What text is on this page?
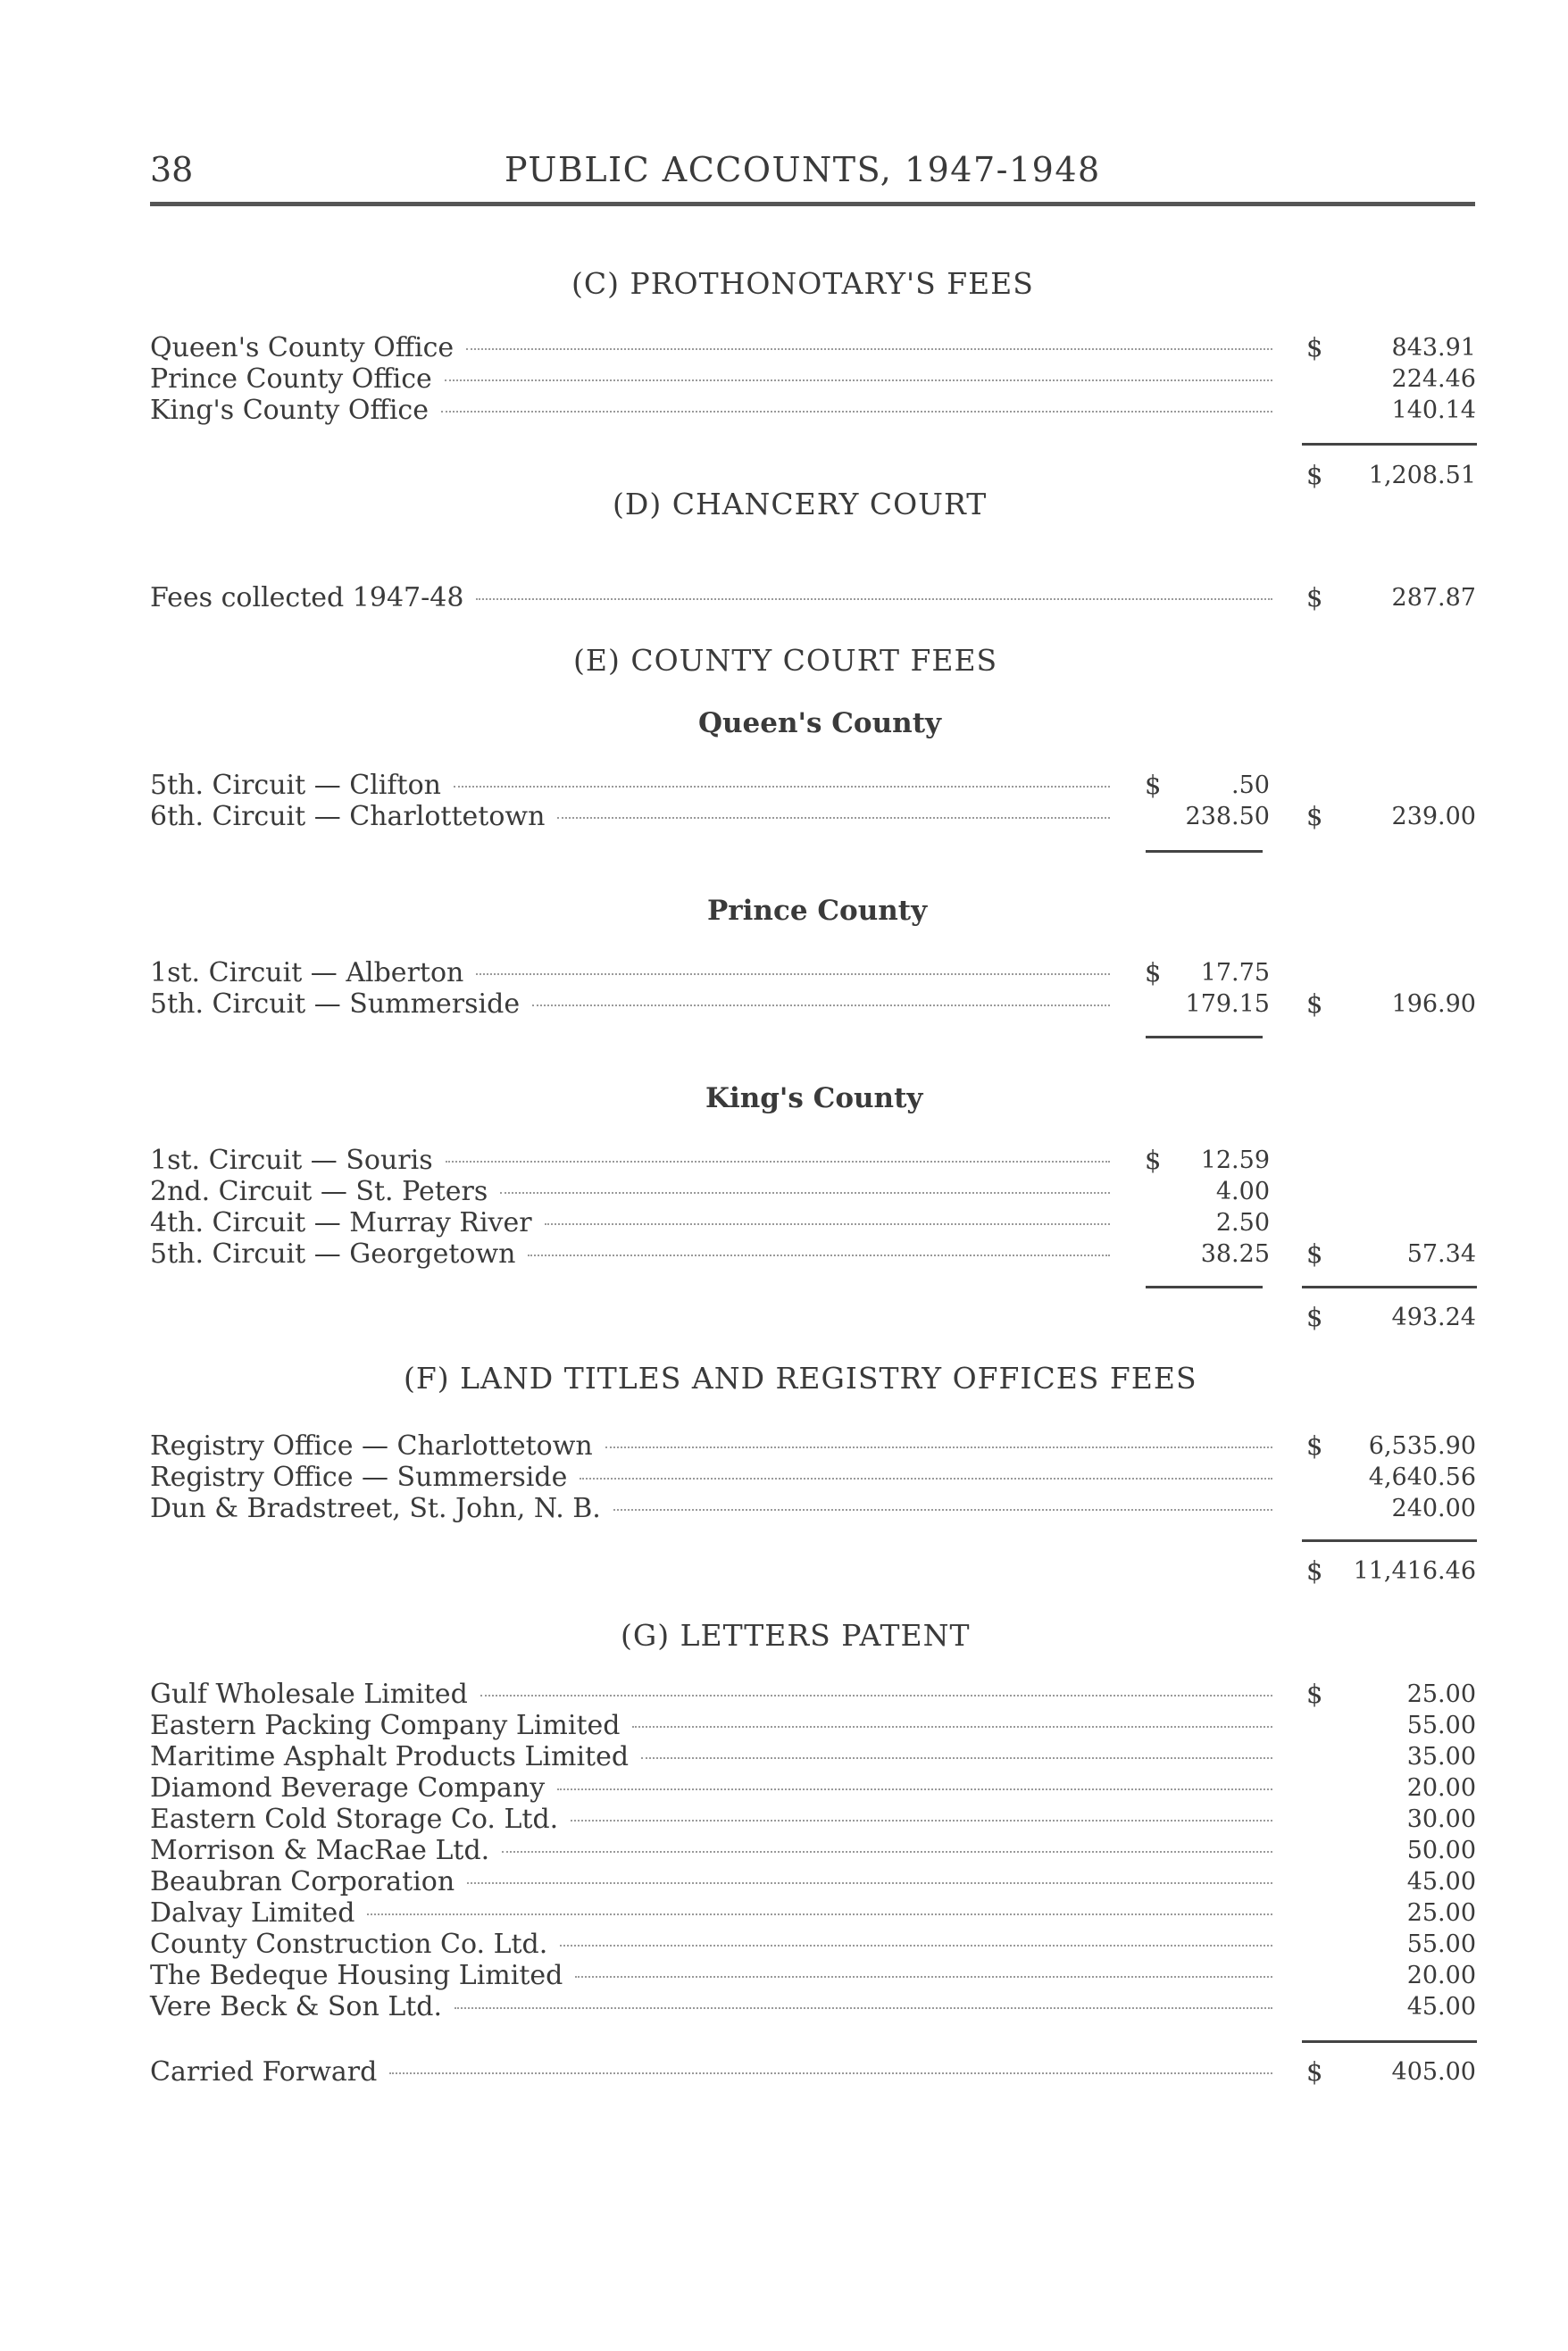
38	PUBLIC ACCOUNTS, 1947-1948
(C) PROTHONOTARY'S FEES
Queen's County Office	$	843.91
Prince County Office	224.46
King's County Office	140.14
$	1,208.51
(D) CHANCERY COURT
Fees collected 1947-48	$	287.87
(E) COUNTY COURT FEES
Queen's County
5th. Circuit — Clifton	$	.50
6th. Circuit — Charlottetown	238.50 $	239.00
Prince County
1st. Circuit — Alberton	$	17.75
5th. Circuit — Summerside	179.15 $	196.90
King's County
1st. Circuit — Souris	$	12.59
2nd. Circuit — St. Peters	4.00
4th. Circuit — Murray River	2.50
5th. Circuit — Georgetown	38.25 $	57.34
$	493.24
(F) LAND TITLES AND REGISTRY OFFICES FEES
Registry Office — Charlottetown	$	6,535.90
Registry Office — Summerside	4,640.56
Dun & Bradstreet, St. John, N. B.	240.00
$	11,416.46
(G) LETTERS PATENT
Gulf Wholesale Limited	$	25.00
Eastern Packing Company Limited	55.00
Maritime Asphalt Products Limited	35.00
Diamond Beverage Company	20.00
Eastern Cold Storage Co. Ltd.	30.00
Morrison & MacRae Ltd.	50.00
Beaubran Corporation	45.00
Dalvay Limited	25.00
County Construction Co. Ltd.	55.00
The Bedeque Housing Limited	20.00
Vere Beck & Son Ltd.	45.00
Carried Forward	$	405.00
